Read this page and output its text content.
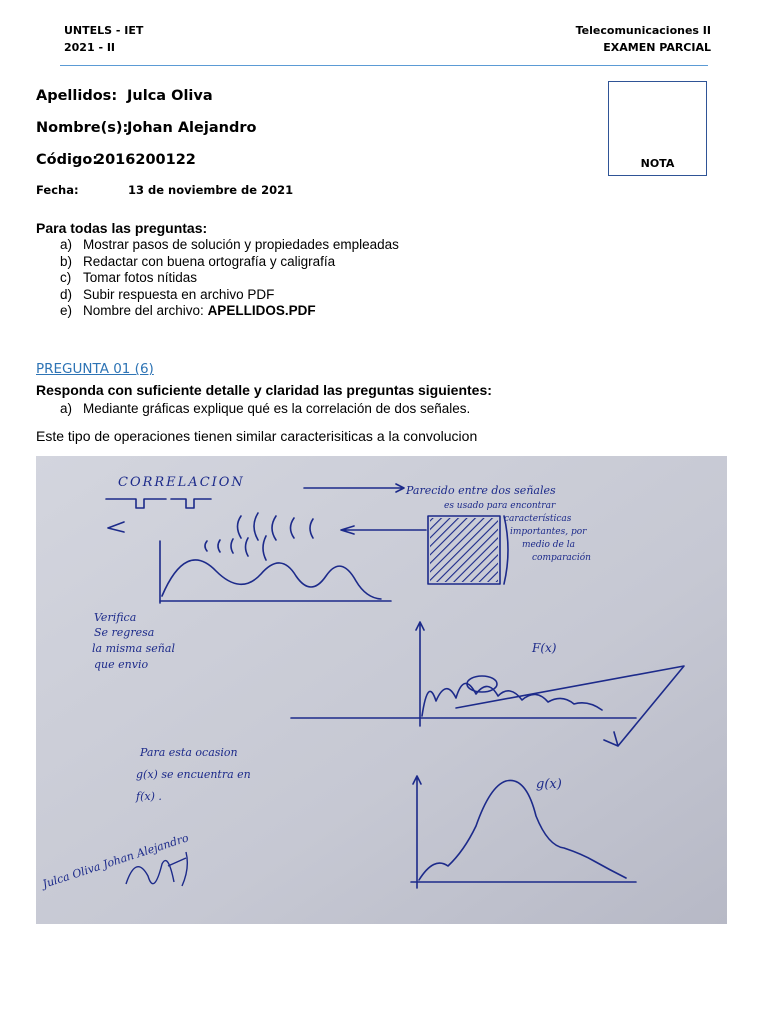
UNTELS - IET
2021 - II
Telecomunicaciones II
EXAMEN PARCIAL
Apellidos: Julca Oliva
Nombre(s):
Johan Alejandro
Código:
2016200122
Fecha:	13 de noviembre de 2021
NOTA
Para todas las preguntas:
a) Mostrar pasos de solución y propiedades empleadas
b) Redactar con buena ortografía y caligrafía
c) Tomar fotos nítidas
d) Subir respuesta en archivo PDF
e) Nombre del archivo: APELLIDOS.PDF
PREGUNTA 01 (6)
Responda con suficiente detalle y claridad las preguntas siguientes:
a) Mediante gráficas explique qué es la correlación de dos señales.
Este tipo de operaciones tienen similar caracterisiticas a la convolucion
CORRELACION
Parecido entre dos señales
es usado para encontrar
características
importantes, por
medio de la
comparación
Verifica
Se regresa
la misma señal
que envio
F(x)
Para esta ocasion
g(x) se encuentra en
f(x) .
g(x)
Julca Oliva Johan Alejandro
